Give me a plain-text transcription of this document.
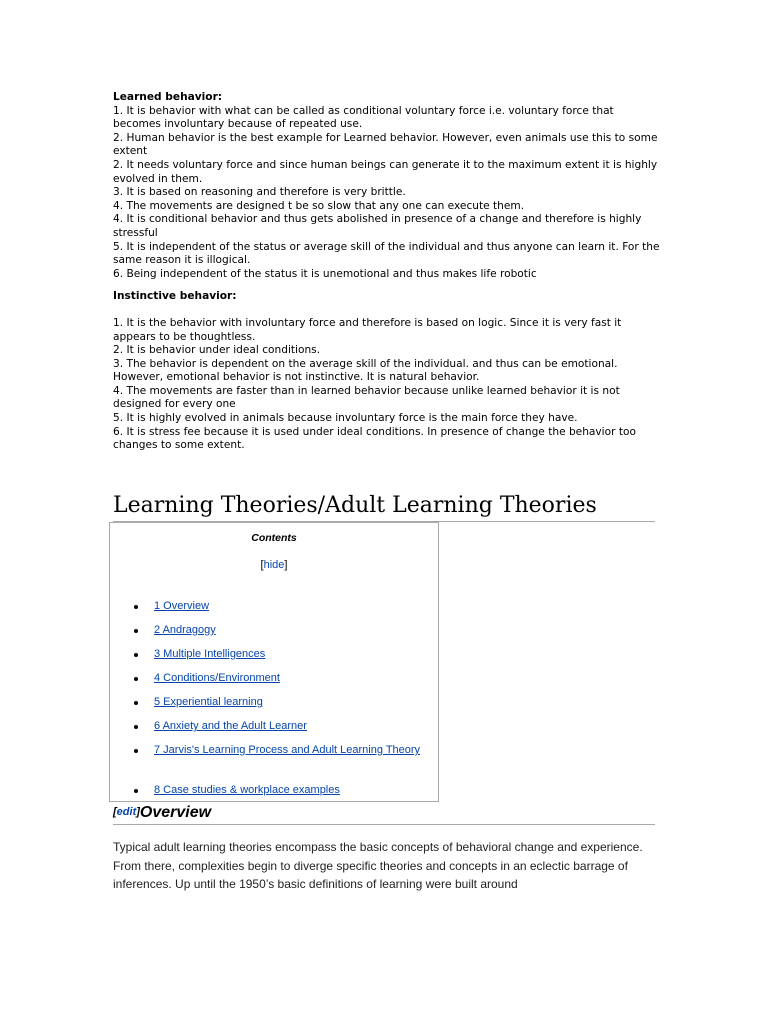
Learned behavior:

1. It is behavior with what can be called as conditional voluntary force i.e. voluntary force that becomes involuntary because of repeated use.
2. Human behavior is the best example for Learned behavior. However, even animals use this to some extent
2. It needs voluntary force and since human beings can generate it to the maximum extent it is highly evolved in them.
3. It is based on reasoning and therefore is very brittle.
4. The movements are designed t be so slow that any one can execute them.
4. It is conditional behavior and thus gets abolished in presence of a change and therefore is highly stressful
5. It is independent of the status or average skill of the individual and thus anyone can learn it. For the same reason it is illogical.
6. Being independent of the status it is unemotional and thus makes life robotic

Instinctive behavior:

1. It is the behavior with involuntary force and therefore is based on logic. Since it is very fast it appears to be thoughtless.
2. It is behavior under ideal conditions.
3. The behavior is dependent on the average skill of the individual. and thus can be emotional.
However, emotional behavior is not instinctive. It is natural behavior.
4. The movements are faster than in learned behavior because unlike learned behavior it is not designed for every one
5. It is highly evolved in animals because involuntary force is the main force they have.
6. It is stress fee because it is used under ideal conditions. In presence of change the behavior too changes to some extent.
Learning Theories/Adult Learning Theories
Contents
[hide]
1 Overview
2 Andragogy
3 Multiple Intelligences
4 Conditions/Environment
5 Experiential learning
6 Anxiety and the Adult Learner
7 Jarvis's Learning Process and Adult Learning Theory
8 Case studies & workplace examples
[edit]Overview

Typical adult learning theories encompass the basic concepts of behavioral change and experience. From there, complexities begin to diverge specific theories and concepts in an eclectic barrage of inferences. Up until the 1950’s basic definitions of learning were built around
